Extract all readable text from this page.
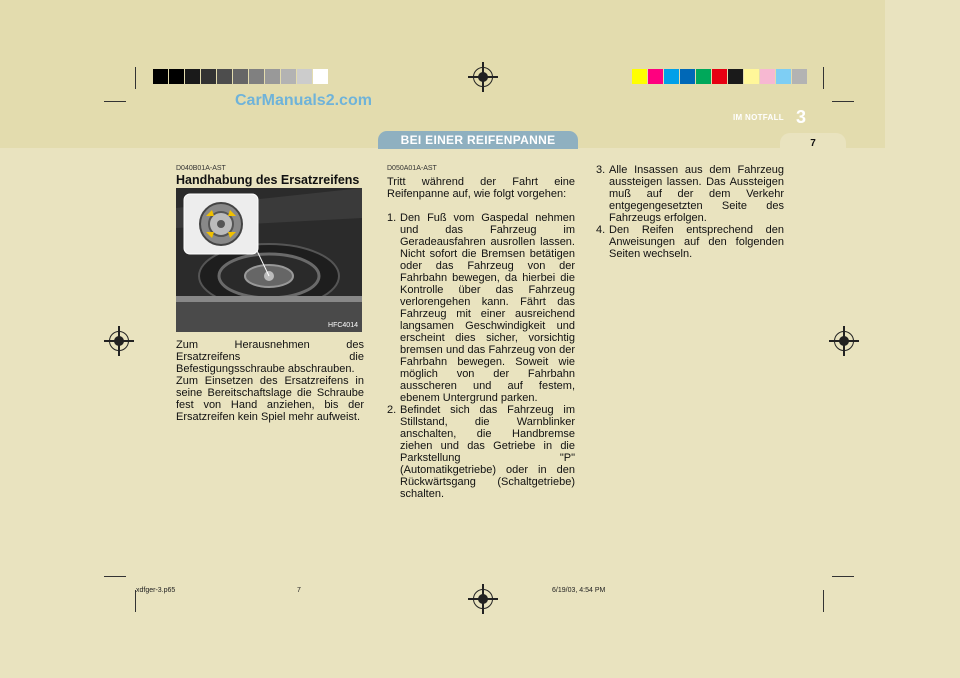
CarManuals2.com
BEI EINER REIFENPANNE
IM NOTFALL 3
7
D040B01A-AST
Handhabung des Ersatzreifens
HFC4014
Zum Herausnehmen des Ersatzreifens die Befestigungsschraube abschrauben.
Zum Einsetzen des Ersatzreifens in seine Bereitschaftslage die Schraube fest von Hand anziehen, bis der Ersatzreifen kein Spiel mehr aufweist.
D050A01A-AST
Tritt während der Fahrt eine Reifenpanne auf, wie folgt vorgehen:
1. Den Fuß vom Gaspedal nehmen und das Fahrzeug im Geradeausfahren ausrollen lassen. Nicht sofort die Bremsen betätigen oder das Fahrzeug von der Fahrbahn bewegen, da hierbei die Kontrolle über das Fahrzeug verlorengehen kann. Fährt das Fahrzeug mit einer ausreichend langsamen Geschwindigkeit und erscheint dies sicher, vorsichtig bremsen und das Fahrzeug von der Fahrbahn bewegen. Soweit wie möglich von der Fahrbahn ausscheren und auf festem, ebenem Untergrund parken.
2. Befindet sich das Fahrzeug im Stillstand, die Warnblinker anschalten, die Handbremse ziehen und das Getriebe in die Parkstellung "P" (Automatikgetriebe) oder in den Rückwärtsgang (Schaltgetriebe) schalten.
3. Alle Insassen aus dem Fahrzeug aussteigen lassen. Das Aussteigen muß auf der dem Verkehr entgegengesetzten Seite des Fahrzeugs erfolgen.
4. Den Reifen entsprechend den Anweisungen auf den folgenden Seiten wechseln.
xdfger-3.p65	7	6/19/03, 4:54 PM
